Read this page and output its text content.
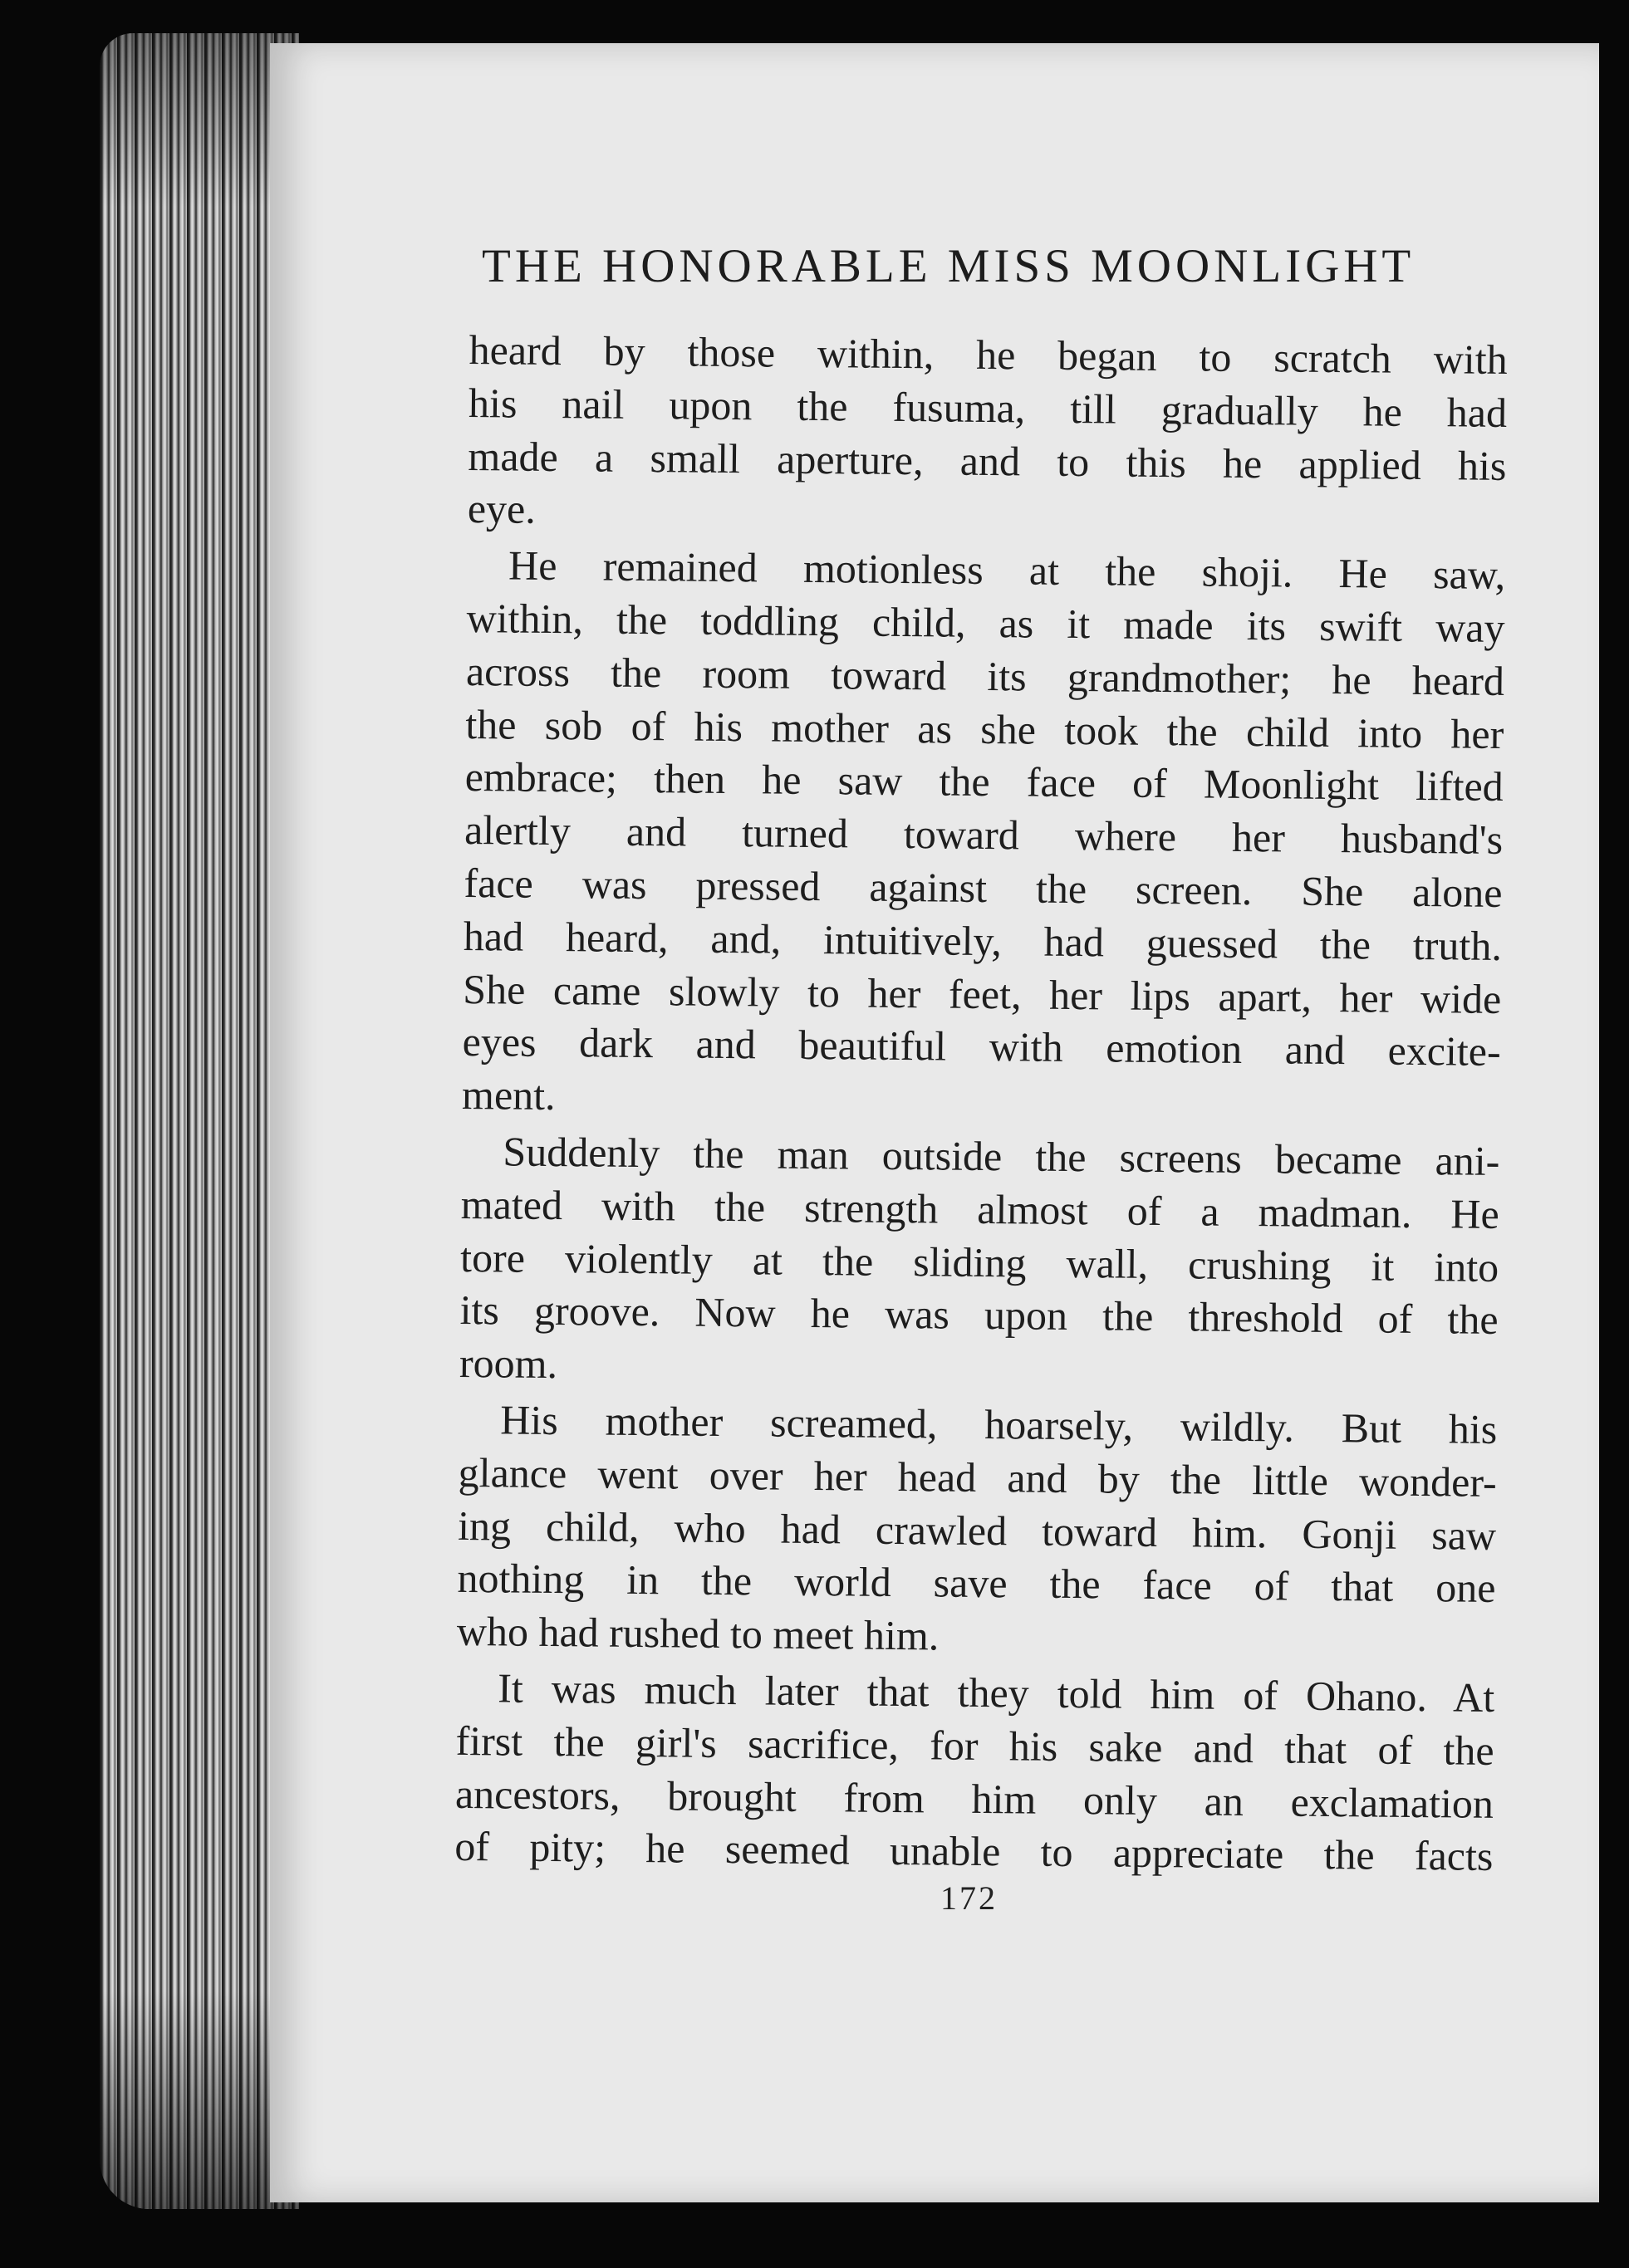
THE HONORABLE MISS MOONLIGHT
heard by those within, he began to scratch with
his nail upon the fusuma, till gradually he had
made a small aperture, and to this he applied his
eye.
He remained motionless at the shoji. He saw,
within, the toddling child, as it made its swift way
across the room toward its grandmother; he heard
the sob of his mother as she took the child into her
embrace; then he saw the face of Moonlight lifted
alertly and turned toward where her husband's
face was pressed against the screen. She alone
had heard, and, intuitively, had guessed the truth.
She came slowly to her feet, her lips apart, her wide
eyes dark and beautiful with emotion and excite-
ment.
Suddenly the man outside the screens became ani-
mated with the strength almost of a madman. He
tore violently at the sliding wall, crushing it into
its groove. Now he was upon the threshold of the
room.
His mother screamed, hoarsely, wildly. But his
glance went over her head and by the little wonder-
ing child, who had crawled toward him. Gonji saw
nothing in the world save the face of that one
who had rushed to meet him.
It was much later that they told him of Ohano. At
first the girl's sacrifice, for his sake and that of the
ancestors, brought from him only an exclamation
of pity; he seemed unable to appreciate the facts
172
